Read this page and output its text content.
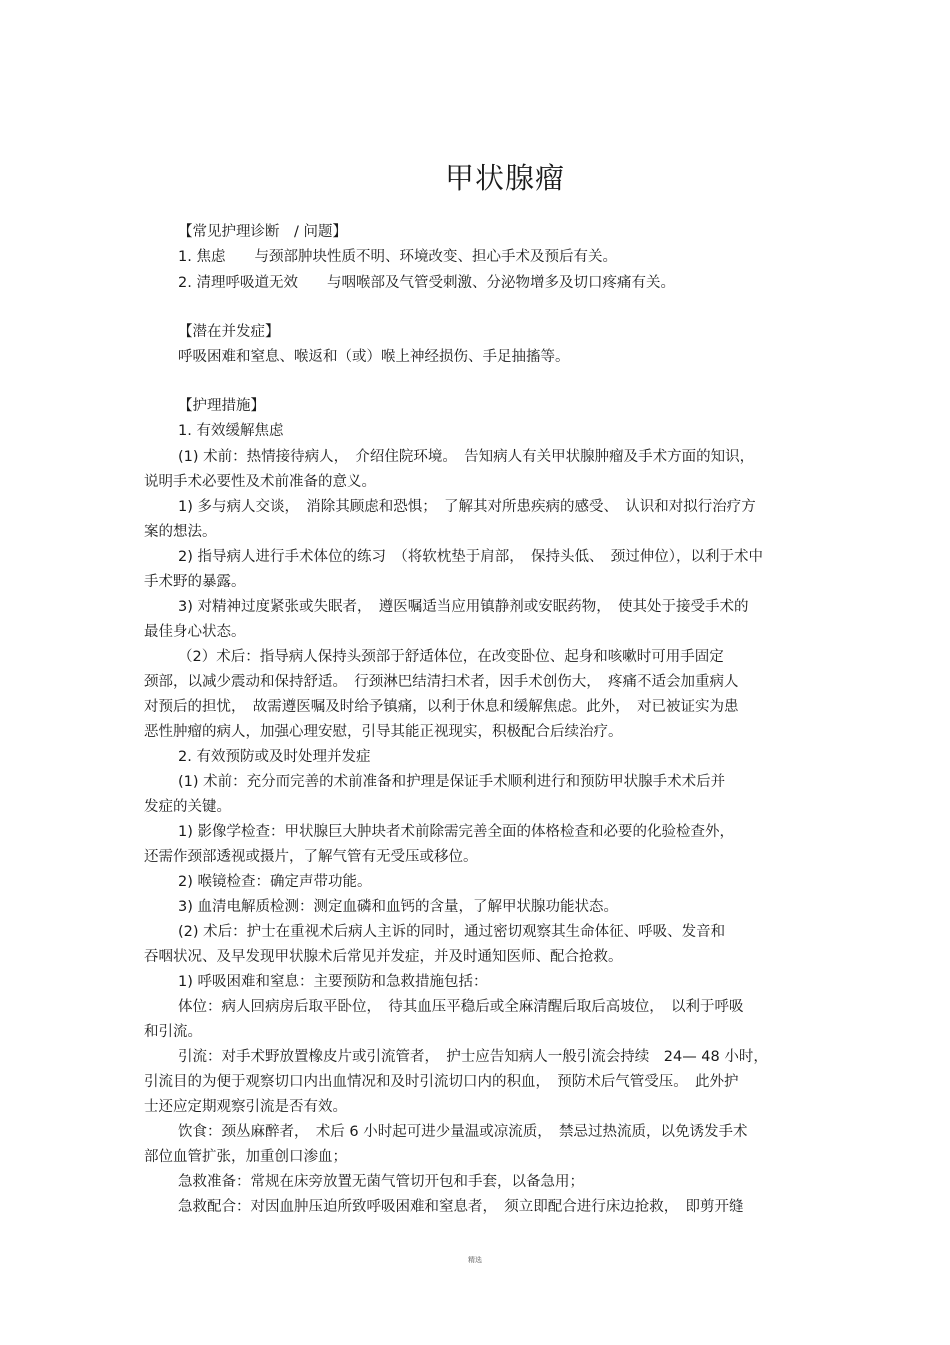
甲状腺瘤
【常见护理诊断　/ 问题】
1. 焦虑　　与颈部肿块性质不明、环境改变、担心手术及预后有关。
2. 清理呼吸道无效　　与咽喉部及气管受刺激、分泌物增多及切口疼痛有关。
【潜在并发症】
呼吸困难和窒息、喉返和（或）喉上神经损伤、手足抽搐等。
【护理措施】
1. 有效缓解焦虑
(1) 术前：热情接待病人，　介绍住院环境。　告知病人有关甲状腺肿瘤及手术方面的知识，
说明手术必要性及术前准备的意义。
1) 多与病人交谈，　消除其顾虑和恐惧；　了解其对所患疾病的感受、　认识和对拟行治疗方
案的想法。
2) 指导病人进行手术体位的练习　（将软枕垫于肩部，　保持头低、　颈过伸位），以利于术中
手术野的暴露。
3) 对精神过度紧张或失眠者，　遵医嘱适当应用镇静剂或安眠药物，　使其处于接受手术的
最佳身心状态。
（2）术后：指导病人保持头颈部于舒适体位，在改变卧位、起身和咳嗽时可用手固定
颈部，以减少震动和保持舒适。　行颈淋巴结清扫术者，因手术创伤大，　疼痛不适会加重病人
对预后的担忧，　故需遵医嘱及时给予镇痛，以利于休息和缓解焦虑。此外，　对已被证实为患
恶性肿瘤的病人，加强心理安慰，引导其能正视现实，积极配合后续治疗。
2. 有效预防或及时处理并发症
(1) 术前：充分而完善的术前准备和护理是保证手术顺利进行和预防甲状腺手术术后并
发症的关键。
1) 影像学检查：甲状腺巨大肿块者术前除需完善全面的体格检查和必要的化验检查外，
还需作颈部透视或摄片，了解气管有无受压或移位。
2) 喉镜检查：确定声带功能。
3) 血清电解质检测：测定血磷和血钙的含量，了解甲状腺功能状态。
(2) 术后：护士在重视术后病人主诉的同时，通过密切观察其生命体征、呼吸、发音和
吞咽状况、及早发现甲状腺术后常见并发症，并及时通知医师、配合抢救。
1) 呼吸困难和窒息：主要预防和急救措施包括：
体位：病人回病房后取平卧位，　待其血压平稳后或全麻清醒后取后高坡位，　以利于呼吸
和引流。
引流：对手术野放置橡皮片或引流管者，　护士应告知病人一般引流会持续　24— 48 小时，
引流目的为便于观察切口内出血情况和及时引流切口内的积血，　预防术后气管受压。　此外护
士还应定期观察引流是否有效。
饮食：颈丛麻醉者，　术后 6 小时起可进少量温或凉流质，　禁忌过热流质，以免诱发手术
部位血管扩张，加重创口渗血；
急救准备：常规在床旁放置无菌气管切开包和手套，以备急用；
急救配合：对因血肿压迫所致呼吸困难和窒息者，　须立即配合进行床边抢救，　即剪开缝
精选
